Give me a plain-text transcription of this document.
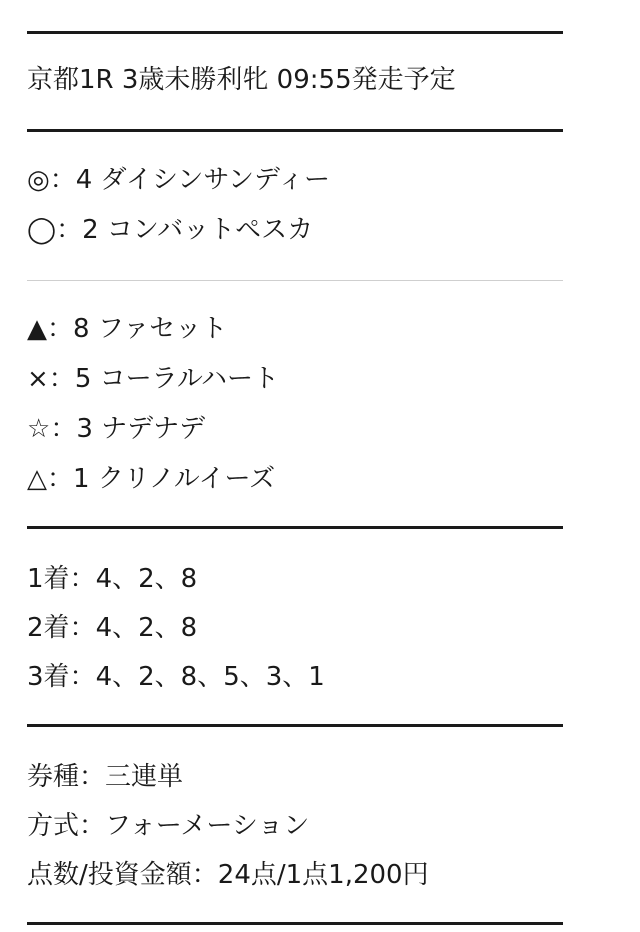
京都1R 3歳未勝利牝 09:55発走予定
◎：4 ダイシンサンディー
◯：2 コンバットペスカ
▲：8 ファセット
×：5 コーラルハート
☆：3 ナデナデ
△：1 クリノルイーズ
1着：4、2、8
2着：4、2、8
3着：4、2、8、5、3、1
券種：三連単
方式：フォーメーション
点数/投資金額：24点/1点1,200円
